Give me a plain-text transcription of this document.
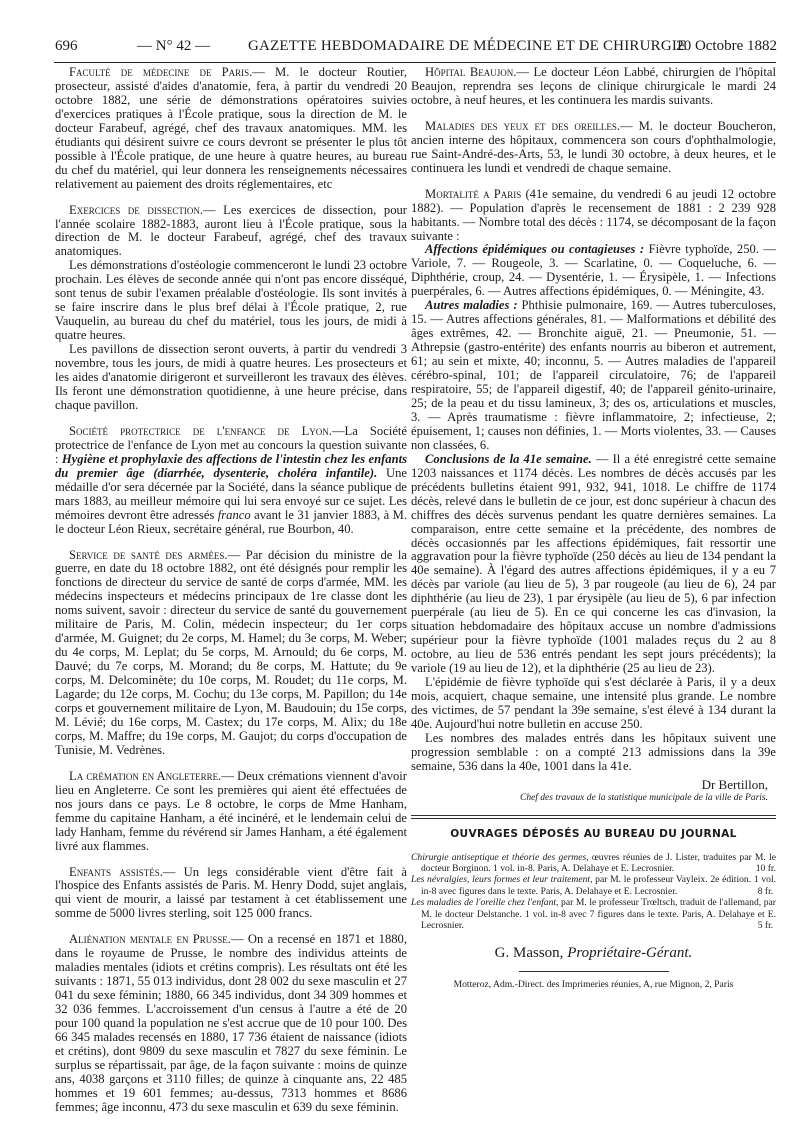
696	— N° 42 —	GAZETTE HEBDOMADAIRE DE MÉDECINE ET DE CHIRURGIE
20 Octobre 1882

Faculté de médecine de Paris.— M. le docteur Routier, prosecteur, assisté d'aides d'anatomie, fera, à partir du vendredi 20 octobre 1882, une série de démonstrations opératoires suivies d'exercices pratiques à l'École pratique, sous la direction de M. le docteur Farabeuf, agrégé, chef des travaux anatomiques. MM. les étudiants qui désirent suivre ce cours devront se présenter le plus tôt possible à l'École pratique, de une heure à quatre heures, au bureau du chef du matériel, qui leur donnera les renseignements nécessaires relativement au paiement des droits réglementaires, etc

Exercices de dissection.— Les exercices de dissection, pour l'année scolaire 1882-1883, auront lieu à l'École pratique, sous la direction de M. le docteur Farabeuf, agrégé, chef des travaux anatomiques.

Les démonstrations d'ostéologie commenceront le lundi 23 octobre prochain. Les élèves de seconde année qui n'ont pas encore disséqué, sont tenus de subir l'examen préalable d'ostéologie. Ils sont invités à se faire inscrire dans le plus bref délai à l'École pratique, 2, rue Vauquelin, au bureau du chef du matériel, tous les jours, de midi à quatre heures.

Les pavillons de dissection seront ouverts, à partir du vendredi 3 novembre, tous les jours, de midi à quatre heures. Les prosecteurs et les aides d'anatomie dirigeront et surveilleront les travaux des élèves. Ils feront une démonstration quotidienne, à une heure précise, dans chaque pavillon.

Société protectrice de l'enfance de Lyon.—La Société protectrice de l'enfance de Lyon met au concours la question suivante : Hygiène et prophylaxie des affections de l'intestin chez les enfants du premier âge (diarrhée, dysenterie, choléra infantile). Une médaille d'or sera décernée par la Société, dans la séance publique de mars 1883, au meilleur mémoire qui lui sera envoyé sur ce sujet. Les mémoires devront être adressés franco avant le 31 janvier 1883, à M. le docteur Léon Rieux, secrétaire général, rue Bourbon, 40.

Service de santé des armées.— Par décision du ministre de la guerre, en date du 18 octobre 1882, ont été désignés pour remplir les fonctions de directeur du service de santé de corps d'armée, MM. les médecins inspecteurs et médecins principaux de 1re classe dont les noms suivent, savoir : directeur du service de santé du gouvernement militaire de Paris, M. Colin, médecin inspecteur; du 1er corps d'armée, M. Guignet; du 2e corps, M. Hamel; du 3e corps, M. Weber; du 4e corps, M. Leplat; du 5e corps, M. Arnould; du 6e corps, M. Dauvé; du 7e corps, M. Morand; du 8e corps, M. Hattute; du 9e corps, M. Delcominète; du 10e corps, M. Roudet; du 11e corps, M. Lagarde; du 12e corps, M. Cochu; du 13e corps, M. Papillon; du 14e corps et gouvernement militaire de Lyon, M. Baudouin; du 15e corps, M. Lévié; du 16e corps, M. Castex; du 17e corps, M. Alix; du 18e corps, M. Maffre; du 19e corps, M. Gaujot; du corps d'occupation de Tunisie, M. Vedrènes.

La crémation en Angleterre.— Deux crémations viennent d'avoir lieu en Angleterre. Ce sont les premières qui aient été effectuées de nos jours dans ce pays. Le 8 octobre, le corps de Mme Hanham, femme du capitaine Hanham, a été incinéré, et le lendemain celui de lady Hanham, femme du révérend sir James Hanham, a été également livré aux flammes.

Enfants assistés.— Un legs considérable vient d'être fait à l'hospice des Enfants assistés de Paris. M. Henry Dodd, sujet anglais, qui vient de mourir, a laissé par testament à cet établissement une somme de 5000 livres sterling, soit 125 000 francs.

Aliénation mentale en Prusse.— On a recensé en 1871 et 1880, dans le royaume de Prusse, le nombre des individus atteints de maladies mentales (idiots et crétins compris). Les résultats ont été les suivants : 1871, 55 013 individus, dont 28 002 du sexe masculin et 27 041 du sexe féminin; 1880, 66 345 individus, dont 34 309 hommes et 32 036 femmes. L'accroissement d'un census à l'autre a été de 20 pour 100 quand la population ne s'est accrue que de 10 pour 100. Des 66 345 malades recensés en 1880, 17 736 étaient de naissance (idiots et crétins), dont 9809 du sexe masculin et 7827 du sexe féminin. Le surplus se répartissait, par âge, de la façon suivante : moins de quinze ans, 4038 garçons et 3110 filles; de quinze à cinquante ans, 22 485 hommes et 19 601 femmes; au-dessus, 7313 hommes et 8686 femmes; âge inconnu, 473 du sexe masculin et 639 du sexe féminin.

Hôpital Beaujon.— Le docteur Léon Labbé, chirurgien de l'hôpital Beaujon, reprendra ses leçons de clinique chirurgicale le mardi 24 octobre, à neuf heures, et les continuera les mardis suivants.

Maladies des yeux et des oreilles.— M. le docteur Boucheron, ancien interne des hôpitaux, commencera son cours d'ophthalmologie, rue Saint-André-des-Arts, 53, le lundi 30 octobre, à deux heures, et le continuera les lundi et vendredi de chaque semaine.

Mortalité a Paris (41e semaine, du vendredi 6 au jeudi 12 octobre 1882). — Population d'après le recensement de 1881 : 2 239 928 habitants. — Nombre total des décès : 1174, se décomposant de la façon suivante :

Affections épidémiques ou contagieuses : Fièvre typhoïde, 250. — Variole, 7. — Rougeole, 3. — Scarlatine, 0. — Coqueluche, 6. — Diphthérie, croup, 24. — Dysentérie, 1. — Érysipèle, 1. — Infections puerpérales, 6. — Autres affections épidémiques, 0. — Méningite, 43.

Autres maladies : Phthisie pulmonaire, 169. — Autres tuberculoses, 15. — Autres affections générales, 81. — Malformations et débilité des âges extrêmes, 42. — Bronchite aiguë, 21. — Pneumonie, 51. — Athrepsie (gastro-entérite) des enfants nourris au biberon et autrement, 61; au sein et mixte, 40; inconnu, 5. — Autres maladies de l'appareil cérébro-spinal, 101; de l'appareil circulatoire, 76; de l'appareil respiratoire, 55; de l'appareil digestif, 40; de l'appareil génito-urinaire, 25; de la peau et du tissu lamineux, 3; des os, articulations et muscles, 3. — Après traumatisme : fièvre inflammatoire, 2; infectieuse, 2; épuisement, 1; causes non définies, 1. — Morts violentes, 33. — Causes non classées, 6.

Conclusions de la 41e semaine. — Il a été enregistré cette semaine 1203 naissances et 1174 décès. Les nombres de décès accusés par les précédents bulletins étaient 991, 932, 941, 1018. Le chiffre de 1174 décès, relevé dans le bulletin de ce jour, est donc supérieur à chacun des chiffres des décès survenus pendant les quatre dernières semaines. La comparaison, entre cette semaine et la précédente, des nombres de décès occasionnés par les affections épidémiques, fait ressortir une aggravation pour la fièvre typhoïde (250 décès au lieu de 134 pendant la 40e semaine). À l'égard des autres affections épidémiques, il y a eu 7 décès par variole (au lieu de 5), 3 par rougeole (au lieu de 6), 24 par diphthérie (au lieu de 23), 1 par érysipèle (au lieu de 5), 6 par infection puerpérale (au lieu de 5). En ce qui concerne les cas d'invasion, la situation hebdomadaire des hôpitaux accuse un nombre d'admissions supérieur pour la fièvre typhoïde (1001 malades reçus du 2 au 8 octobre, au lieu de 536 entrés pendant les sept jours précédents); la variole (19 au lieu de 12), et la diphthérie (25 au lieu de 23).

L'épidémie de fièvre typhoïde qui s'est déclarée à Paris, il y a deux mois, acquiert, chaque semaine, une intensité plus grande. Le nombre des victimes, de 57 pendant la 39e semaine, s'est élevé à 134 durant la 40e. Aujourd'hui notre bulletin en accuse 250.

Les nombres des malades entrés dans les hôpitaux suivent une progression semblable : on a compté 213 admissions dans la 39e semaine, 536 dans la 40e, 1001 dans la 41e.

Dr Bertillon,
Chef des travaux de la statistique municipale de la ville de Paris.
OUVRAGES DÉPOSÉS AU BUREAU DU JOURNAL

Chirurgie antiseptique et théorie des germes, œuvres réunies de J. Lister, traduites par M. le docteur Borginon. 1 vol. in-8. Paris, A. Delahaye et E. Lecrosnier.	10 fr.

Les névralgies, leurs formes et leur traitement, par M. le professeur Vayleix. 2e édition. 1 vol. in-8 avec figures dans le texte. Paris, A. Delahaye et E. Lecrosnier.	8 fr.

Les maladies de l'oreille chez l'enfant, par M. le professeur Trœltsch, traduit de l'allemand, par M. le docteur Delstanche. 1 vol. in-8 avec 7 figures dans le texte. Paris, A. Delahaye et E. Lecrosnier.	5 fr.

G. Masson, Propriétaire-Gérant.
Motteroz, Adm.-Direct. des Imprimeries réunies, A, rue Mignon, 2, Paris
